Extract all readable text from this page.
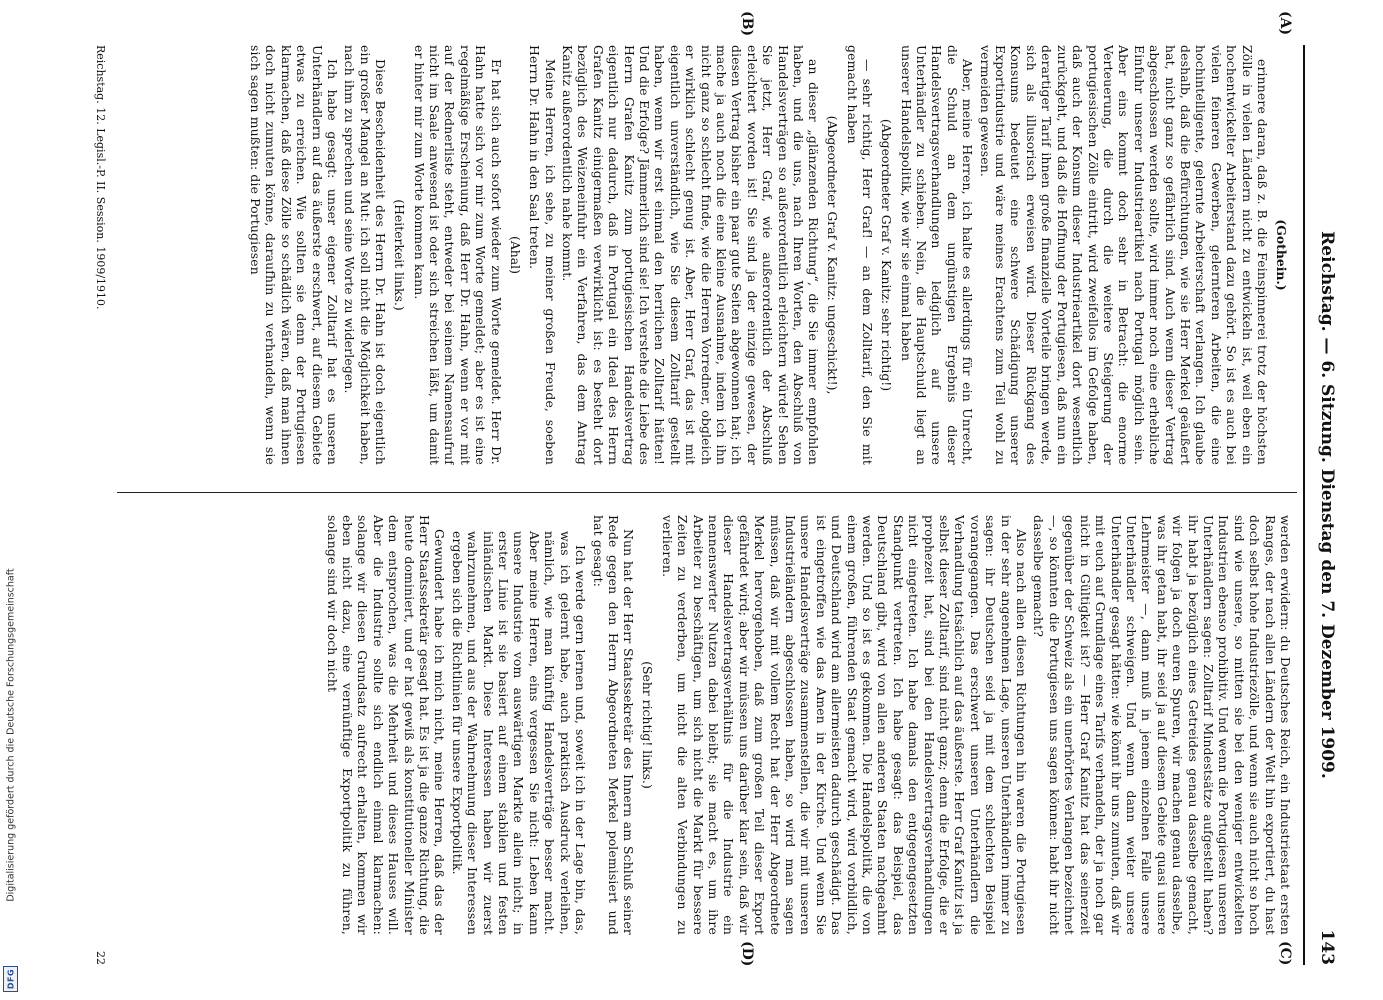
Digitalisierung gefördert durch die Deutsche Forschungsgemeinschaft
DFG
Reichstag. — 6. Sitzung. Dienstag den 7. Dezember 1909.
143
(A)
(B)
(C)
(D)

(Gothein.)

erinnere daran, daß z. B. die Feinspinnerei trotz der höchsten Zölle in vielen Ländern nicht zu entwickeln ist, weil eben ein hochentwickelter Arbeiterstand dazu gehört. So ist es auch bei vielen feineren Gewerben, gelernteren Arbeiten, die eine hochintelligente, gelernte Arbeiterschaft verlangen. Ich glaube deshalb, daß die Befürchtungen, wie sie Herr Merkel geäußert hat, nicht ganz so gefährlich sind. Auch wenn dieser Vertrag abgeschlossen werden sollte, wird immer noch eine erhebliche Einfuhr unserer Industrieartikel nach Portugal möglich sein. Aber eins kommt doch sehr in Betracht: die enorme Verteuerung, die durch die weitere Steigerung der portugiesischen Zölle eintritt, wird zweifellos im Gefolge haben, daß auch der Konsum dieser Industrieartikel dort wesentlich zurückgeht, und daß die Hoffnung der Portugiesen, daß nun ein derartiger Tarif ihnen große finanzielle Vorteile bringen werde, sich als illusorisch erweisen wird. Dieser Rückgang des Konsums bedeutet eine schwere Schädigung unserer Exportindustrie und wäre meines Erachtens zum Teil wohl zu vermeiden gewesen.

Aber, meine Herren, ich halte es allerdings für ein Unrecht, die Schuld an dem ungünstigen Ergebnis dieser Handelsvertragsverhandlungen lediglich auf unsere Unterhändler zu schieben. Nein, die Hauptschuld liegt an unserer Handelspolitik, wie wir sie einmal haben

(Abgeordneter Graf v. Kanitz: sehr richtig!)

— sehr richtig, Herr Graf! — an dem Zolltarif, den Sie mit gemacht haben

(Abgeordneter Graf v. Kanitz: ungeschickt!),

an dieser „glänzenden Richtung“, die Sie immer empfohlen haben, und die uns, nach Ihren Worten, den Abschluß von Handelsverträgen so außerordentlich erleichtern würde! Sehen Sie jetzt, Herr Graf, wie außerordentlich der Abschluß erleichtert worden ist! Sie sind ja der einzige gewesen, der diesen Vertrag bisher ein paar gute Seiten abgewonnen hat; ich mache ja auch noch die eine kleine Ausnahme, indem ich ihn nicht ganz so schlecht finde, wie die Herren Vorredner, obgleich er wirklich schlecht genug ist. Aber, Herr Graf, das ist mit eigentlich unverständlich, wie Sie diesem Zolltarif gestellt haben, wenn wir erst einmal den herrlichen Zolltarif hätten! Und die Erfolge? Jämmerlich sind sie! Ich verstehe die Liebe des Herrn Grafen Kanitz zum portugiesischen Handelsvertrag eigentlich nur dadurch, daß in Portugal ein Ideal des Herrn Grafen Kanitz einigermaßen verwirklicht ist: es besteht dort bezüglich des Weizeneinfuhr ein Verfahren, das dem Antrag Kanitz außerordentlich nahe kommt.

Meine Herren, ich sehe, zu meiner großen Freude, soeben Herrn Dr. Hahn in den Saal treten.

(Ahal)

Er hat sich auch sofort wieder zum Worte gemeldet. Herr Dr. Hahn hatte sich vor mir zum Worte gemeldet; aber es ist eine regelmäßige Erscheinung, daß Herr Dr. Hahn, wenn er vor mit auf der Rednerliste steht, entweder bei seinem Namensaufruf nicht im Saale anwesend ist oder sich streichen läßt, um damit er hinter mir zum Worte kommen kann.

(Heiterkeit links.)

Diese Bescheidenheit des Herrn Dr. Hahn ist doch eigentlich ein großer Mangel an Mut: ich soll nicht die Möglichkeit haben, nach ihm zu sprechen und seine Worte zu widerlegen.

Ich habe gesagt: unser eigener Zolltarif hat es unseren Unterhändlern auf das äußerste erschwert, auf diesem Gebiete etwas zu erreichen. Wie sollten sie denn der Portugiesen klarmachen, daß diese Zölle so schädlich wären, daß man ihnen doch nicht zumuten könne, daraufhin zu verhandeln, wenn sie sich sagen mußten: die Portugiesen

werden erwidern: du Deutsches Reich, ein Industriestaat ersten Ranges, der nach allen Ländern der Welt hin exportiert, du hast doch selbst hohe Industriezölle, und wenn sie auch nicht so hoch sind wie unsere, so mitten sie bei den weniger entwickelten Industrien ebenso prohibitiv. Und wenn die Portugiesen unseren Unterhändlern sagen: Zolltarif Mindestsätze aufgestellt haben? ihr habt ja bezüglich eines Getreides genau dasselbe gemacht, wir folgen ja doch euren Spuren, wir machen genau dasselbe, was ihr getan habt, ihr seid ja auf diesem Gebiete quasi unsere Lehrmeister —, dann muß in jenem einzelnen Falle unsere Unterhändler schweigen. Und wenn dann weiter unsere Unterhändler gesagt hätten: wie könnt ihr uns zumuten, daß wir mit euch auf Grundlage eines Tarifs verhandeln, der ja noch gar nicht in Gültigkeit ist? — Herr Graf Kanitz hat das seinerzeit gegenüber der Schweiz als ein unerhörtes Verlangen bezeichnet —, so könnten die Portugiesen uns sagen können: habt ihr nicht dasselbe gemacht?

Also nach allen diesen Richtungen hin waren die Portugiesen in der sehr angenehmen Lage, unseren Unterhändlern immer zu sagen: ihr Deutschen seid ja mit dem schlechten Beispiel vorangegangen. Das erschwert unseren Unterhändlern die Verhandlung tatsächlich auf das äußerste. Herr Graf Kanitz ist ja selbst dieser Zolltarif, sind nicht ganz; denn die Erfolge, die er prophezeit hat, sind bei den Handelsvertragsverhandlungen nicht eingetreten. Ich habe damals den entgegengesetzten Standpunkt vertreten. Ich habe gesagt: das Beispiel, das Deutschland gibt, wird von allen anderen Staaten nachgeahmt werden. Und so ist es gekommen. Die Handelspolitik, die von einem großen, führenden Staat gemacht wird, wird vorbildlich, und Deutschland wird am allermeisten dadurch geschädigt. Das ist eingetroffen wie das Amen in der Kirche. Und wenn Sie unsere Handelsverträge zusammenstellen, die wir mit unseren Industrieländern abgeschlossen haben, so wird man sagen müssen, daß wir mit vollem Recht hat der Herr Abgeordnete Merkel hervorgehoben, daß zum großen Teil dieser Export gefährdet wird; aber wir müssen uns darüber klar sein, daß wir dieser Handelsvertragsverhältnis für die Industrie ein nennenswerter Nutzen dabei bleibt; sie macht es, um ihre Arbeiter zu beschäftigen, um sich nicht die Markt für bessere Zeiten zu verderben, um nicht die alten Verbindungen zu verlieren.

(Sehr richtig! links.)

Nun hat der Herr Staatssekretär des Innern am Schluß seiner Rede gegen den Herrn Abgeordneten Merkel polemisiert und hat gesagt:

Ich werde gern lernen und, soweit ich in der Lage bin, das, was ich gelernt habe, auch praktisch Ausdruck verleihen, nämlich, wie man künftig Handelsverträge besser macht. Aber meine Herren, eins vergessen Sie nicht: Leben kann unsere Industrie vom auswärtigen Markte allein nicht; in erster Linie ist sie basiert auf einem stabilen und festen inländischen Markt. Diese Interessen haben wir zuerst wahrzunehmen, und aus der Wahrnehmung dieser Interessen ergeben sich die Richtlinien für unsere Exportpolitik.

Gewundert habe ich mich nicht, meine Herren, daß das der Herr Staatssekretär gesagt hat. Es ist ja die ganze Richtung, die heute dominiert, und er hat gewiß als konstitutioneller Minister dem entsprochen, was die Mehrheit und dieses Hauses will. Aber die Industrie sollte sich endlich einmal klarmachen: solange wir diesen Grundsatz aufrecht erhalten, kommen wir eben nicht dazu, eine vernünftige Exportpolitik zu führen, solange sind wir doch nicht

Reichstag. 12. Legisl.-P. II. Session. 1909/1910.
22
